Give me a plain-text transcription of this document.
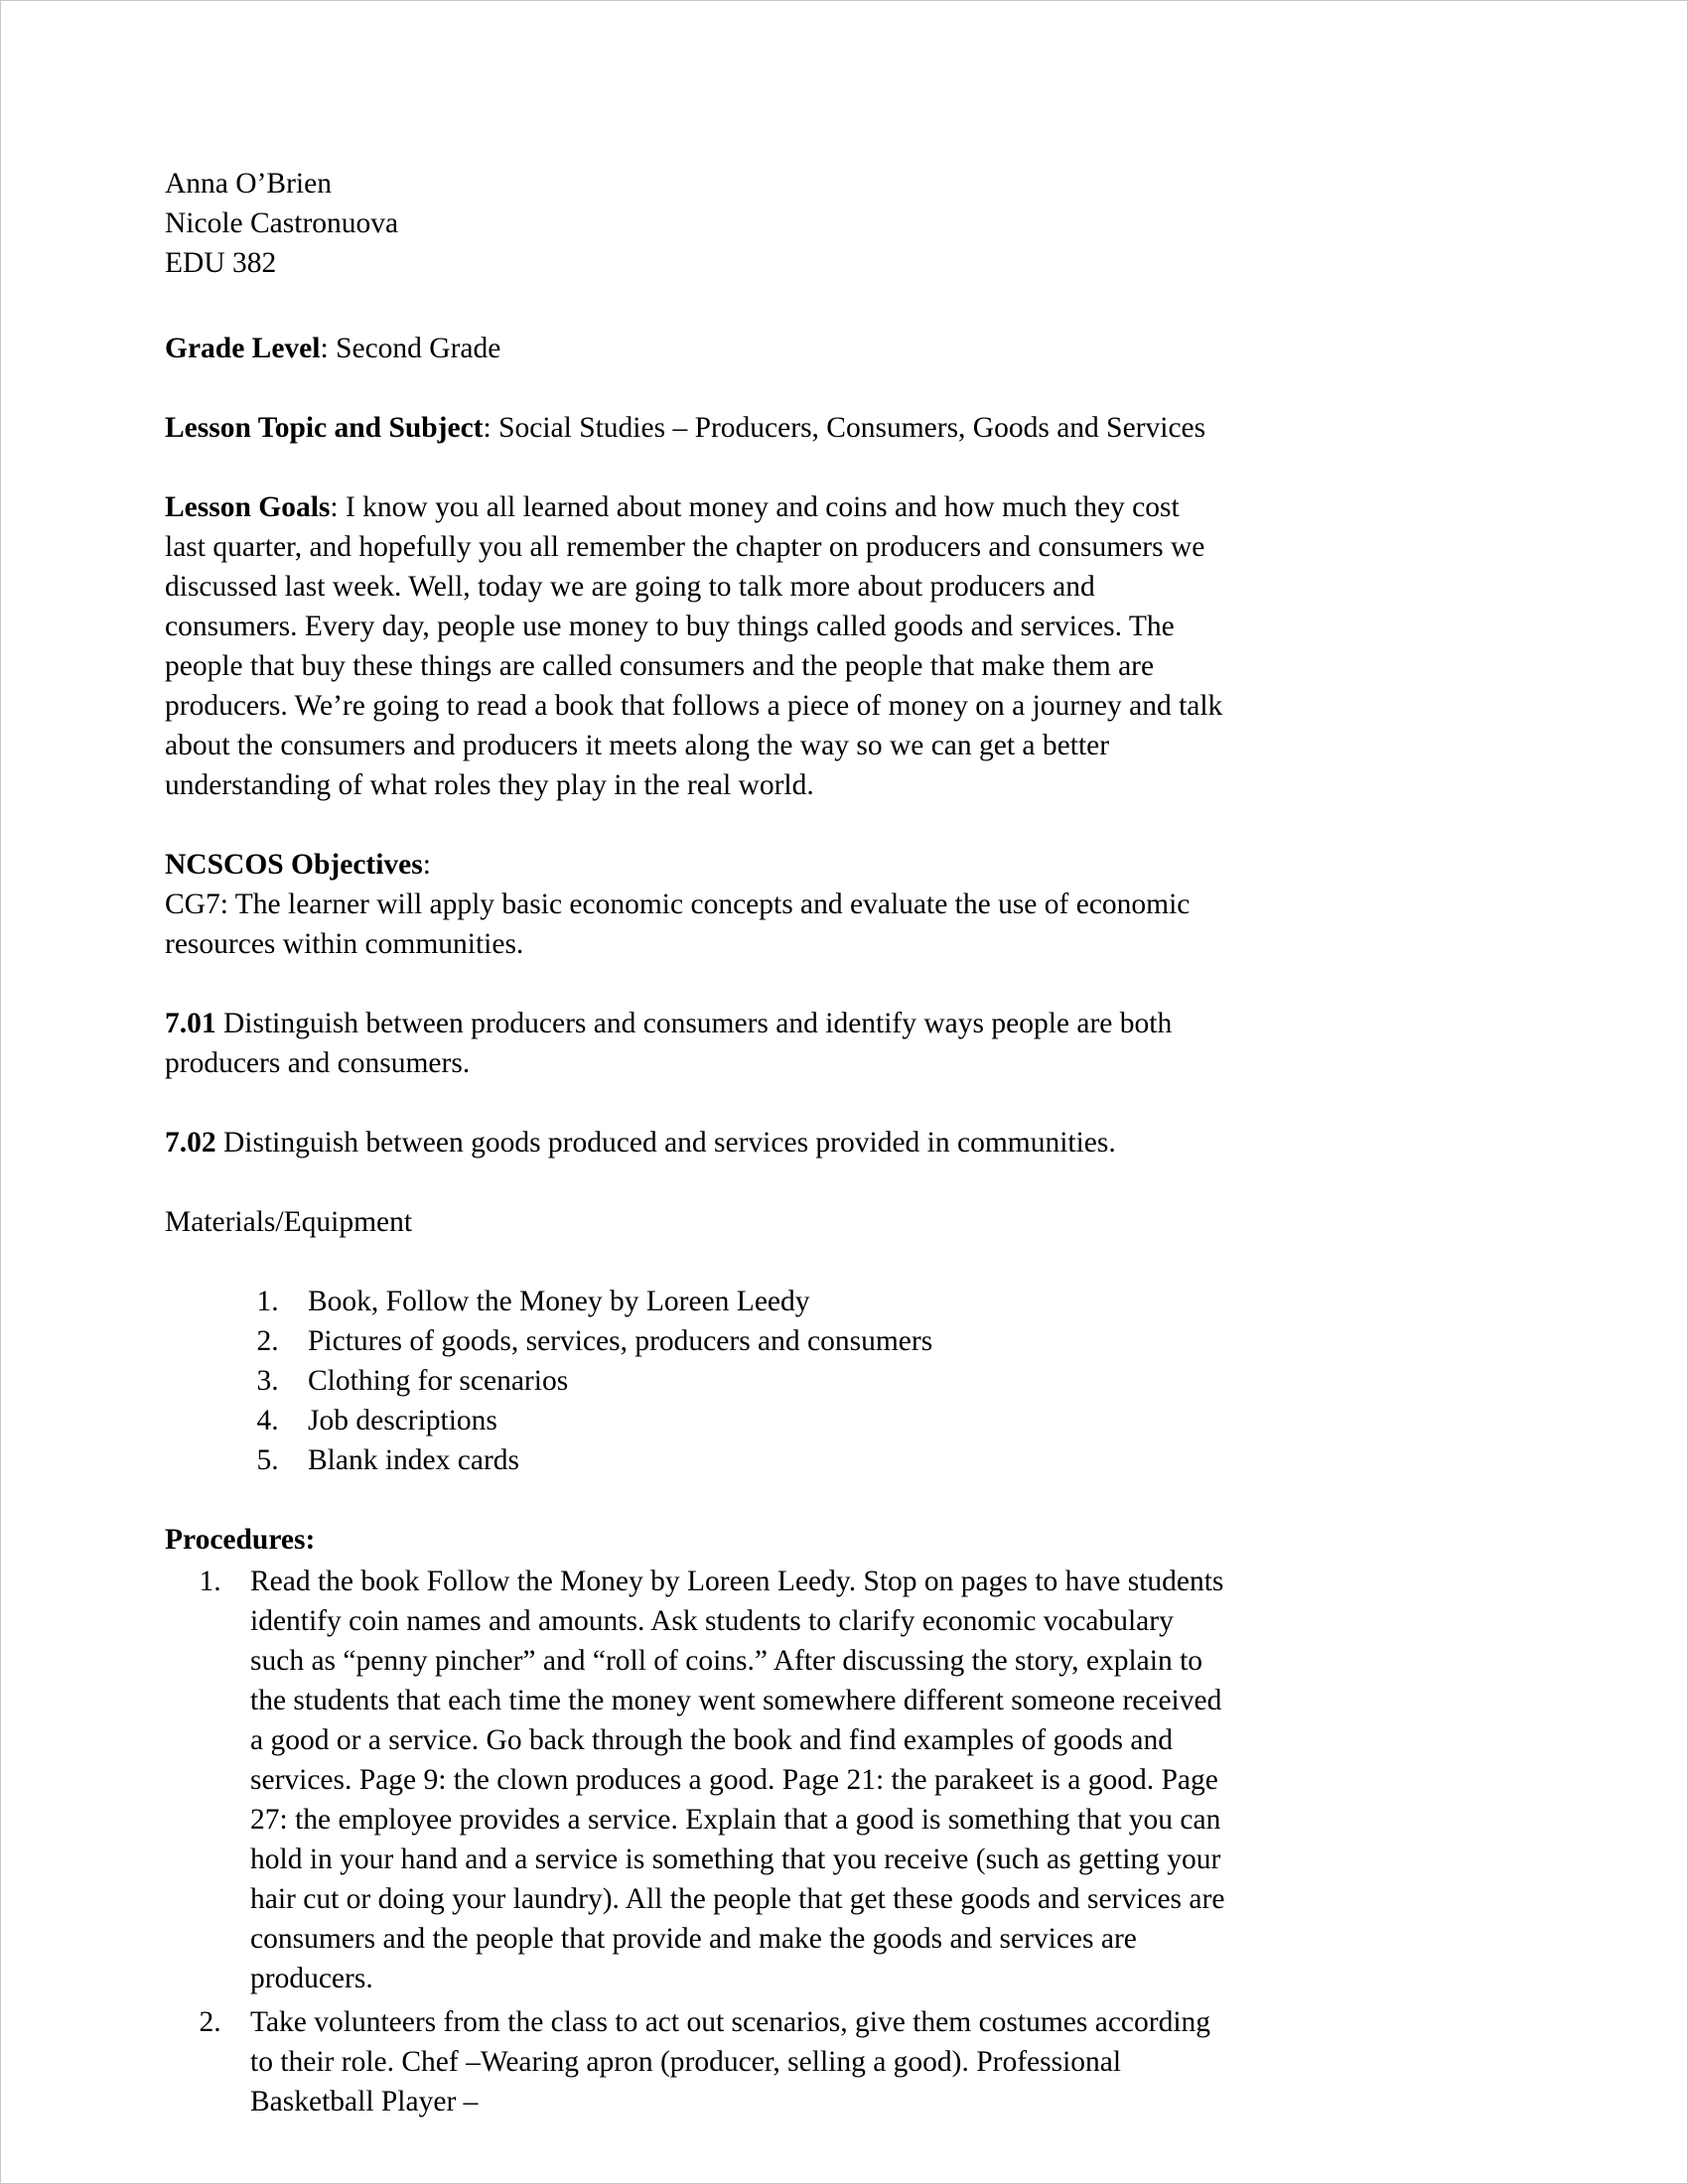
Anna O’Brien
Nicole Castronuova
EDU 382

Grade Level: Second Grade

Lesson Topic and Subject: Social Studies – Producers, Consumers, Goods and Services

Lesson Goals: I know you all learned about money and coins and how much they cost last quarter, and hopefully you all remember the chapter on producers and consumers we discussed last week. Well, today we are going to talk more about producers and consumers. Every day, people use money to buy things called goods and services. The people that buy these things are called consumers and the people that make them are producers. We’re going to read a book that follows a piece of money on a journey and talk about the consumers and producers it meets along the way so we can get a better understanding of what roles they play in the real world.

NCSCOS Objectives:

CG7: The learner will apply basic economic concepts and evaluate the use of economic resources within communities.

7.01 Distinguish between producers and consumers and identify ways people are both producers and consumers.

7.02 Distinguish between goods produced and services provided in communities.

Materials/Equipment

1. Book, Follow the Money by Loreen Leedy
2. Pictures of goods, services, producers and consumers
3. Clothing for scenarios
4. Job descriptions
5. Blank index cards

Procedures:

1. Read the book Follow the Money by Loreen Leedy. Stop on pages to have students identify coin names and amounts. Ask students to clarify economic vocabulary such as “penny pincher” and “roll of coins.” After discussing the story, explain to the students that each time the money went somewhere different someone received a good or a service. Go back through the book and find examples of goods and services. Page 9: the clown produces a good. Page 21: the parakeet is a good. Page 27: the employee provides a service. Explain that a good is something that you can hold in your hand and a service is something that you receive (such as getting your hair cut or doing your laundry). All the people that get these goods and services are consumers and the people that provide and make the goods and services are producers.
2. Take volunteers from the class to act out scenarios, give them costumes according to their role. Chef –Wearing apron (producer, selling a good). Professional Basketball Player –
